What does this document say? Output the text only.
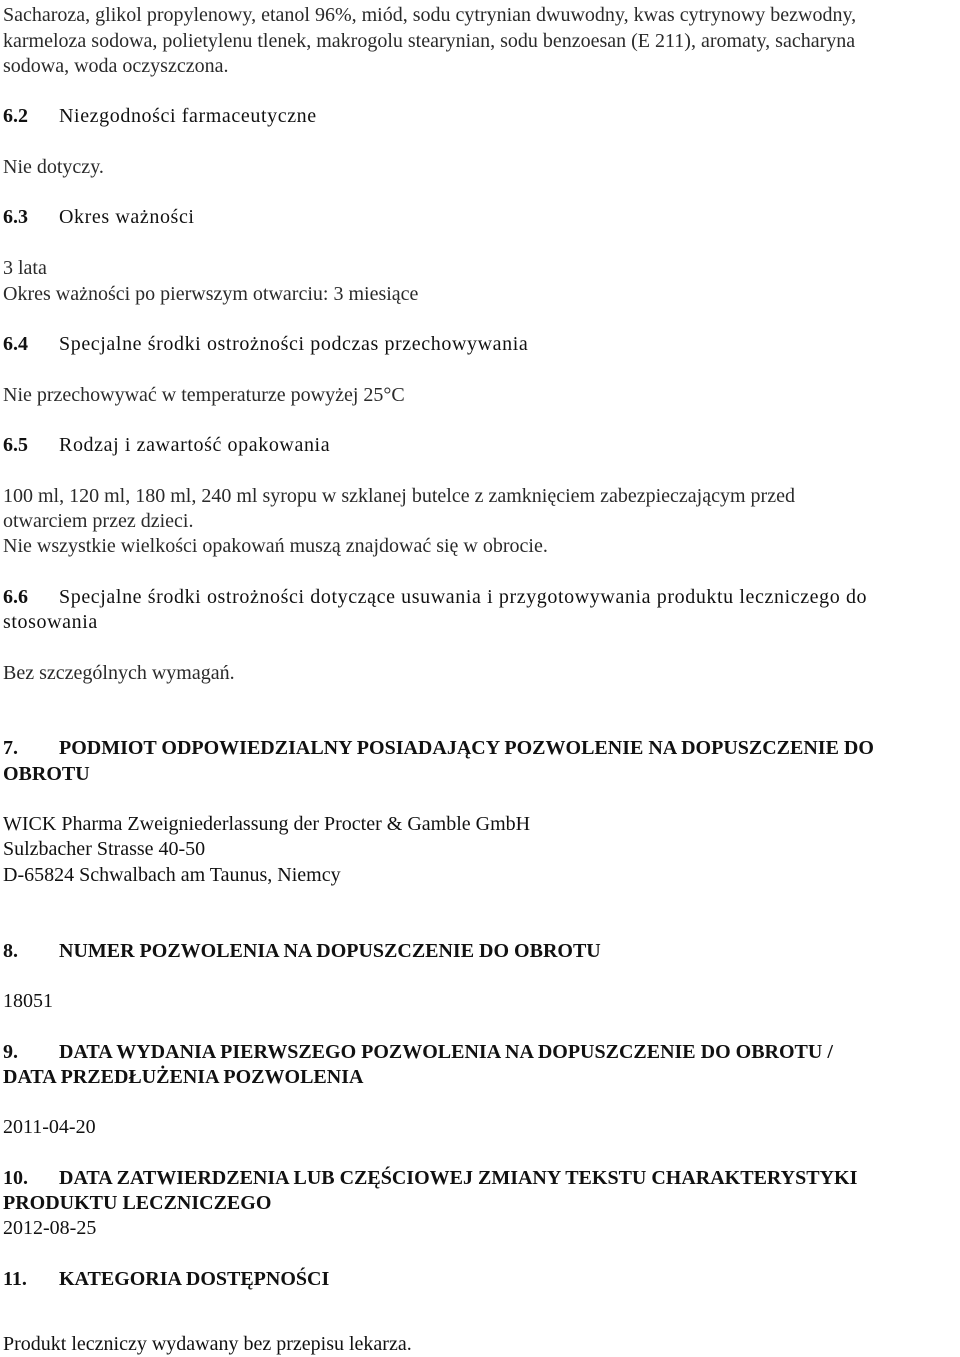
Sacharoza, glikol propylenowy, etanol 96%, miód, sodu cytrynian dwuwodny, kwas cytrynowy bezwodny,

karmeloza sodowa, polietylenu tlenek, makrogolu stearynian, sodu benzoesan (E 211), aromaty, sacharyna

sodowa, woda oczyszczona.

6.2	Niezgodności farmaceutyczne

Nie dotyczy.

6.3	Okres ważności

3 lata

Okres ważności po pierwszym otwarciu: 3 miesiące

6.4	Specjalne środki ostrożności podczas przechowywania

Nie przechowywać w temperaturze powyżej 25°C

6.5	Rodzaj i zawartość opakowania

100 ml, 120 ml, 180 ml, 240 ml syropu w szklanej butelce z zamknięciem zabezpieczającym przed

otwarciem przez dzieci.

Nie wszystkie wielkości opakowań muszą znajdować się w obrocie.

6.6	Specjalne środki ostrożności dotyczące usuwania i przygotowywania produktu leczniczego do

stosowania

Bez szczególnych wymagań.

7.	PODMIOT ODPOWIEDZIALNY POSIADAJĄCY POZWOLENIE NA DOPUSZCZENIE DO

OBROTU

WICK Pharma Zweigniederlassung der Procter & Gamble GmbH

Sulzbacher Strasse 40-50

D-65824 Schwalbach am Taunus, Niemcy

8.	NUMER POZWOLENIA NA DOPUSZCZENIE DO OBROTU

18051

9.	DATA WYDANIA PIERWSZEGO POZWOLENIA NA DOPUSZCZENIE DO OBROTU /

DATA PRZEDŁUŻENIA POZWOLENIA

2011-04-20

10.	DATA ZATWIERDZENIA LUB CZĘŚCIOWEJ ZMIANY TEKSTU CHARAKTERYSTYKI

PRODUKTU LECZNICZEGO

2012-08-25

11.	KATEGORIA DOSTĘPNOŚCI

Produkt leczniczy wydawany bez przepisu lekarza.
